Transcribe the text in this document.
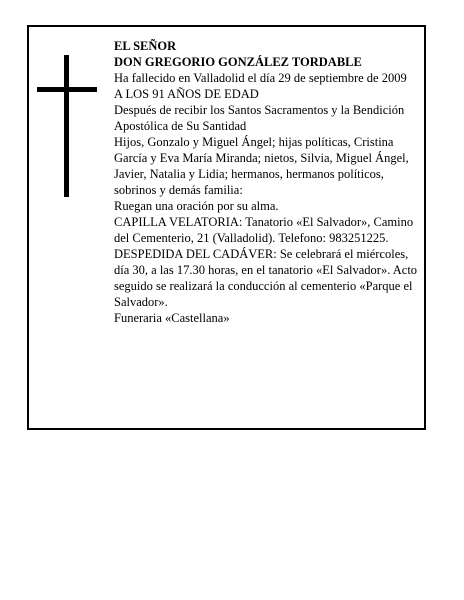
EL SEÑOR

DON GREGORIO GONZÁLEZ TORDABLE

Ha fallecido en Valladolid el día 29 de septiembre de 2009

A LOS 91 AÑOS DE EDAD

Después de recibir los Santos Sacramentos y la Bendición Apostólica de Su Santidad

Hijos, Gonzalo y Miguel Ángel; hijas políticas, Cristina García y Eva María Miranda; nietos, Silvia, Miguel Ángel, Javier, Natalia y Lidia; hermanos, hermanos políticos, sobrinos y demás familia:

Ruegan una oración por su alma.

CAPILLA VELATORIA: Tanatorio «El Salvador», Camino del Cementerio, 21 (Valladolid). Telefono: 983251225.

DESPEDIDA DEL CADÁVER: Se celebrará el miércoles, día 30, a las 17.30 horas, en el tanatorio «El Salvador». Acto seguido se realizará la conducción al cementerio «Parque el Salvador».

Funeraria «Castellana»
